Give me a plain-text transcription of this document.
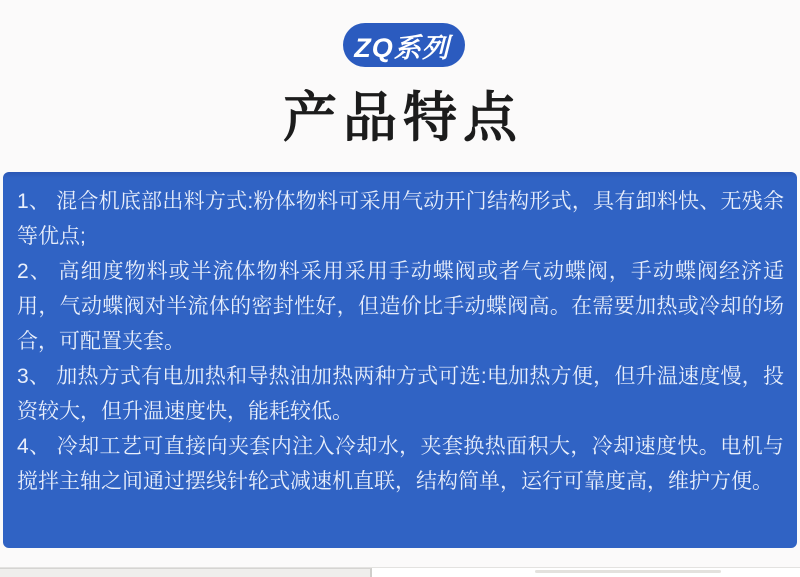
ZQ系列
产品特点

1、 混合机底部出料方式:粉体物料可采用气动开门结构形式，具有卸料快、无残余等优点;

2、 高细度物料或半流体物料采用采用手动蝶阀或者气动蝶阀，手动蝶阀经济适用，气动蝶阀对半流体的密封性好，但造价比手动蝶阀高。在需要加热或冷却的场合，可配置夹套。

3、 加热方式有电加热和导热油加热两种方式可选:电加热方便，但升温速度慢，投资较大，但升温速度快，能耗较低。

4、 冷却工艺可直接向夹套内注入冷却水，夹套换热面积大，冷却速度快。电机与搅拌主轴之间通过摆线针轮式减速机直联，结构简单，运行可靠度高，维护方便。
